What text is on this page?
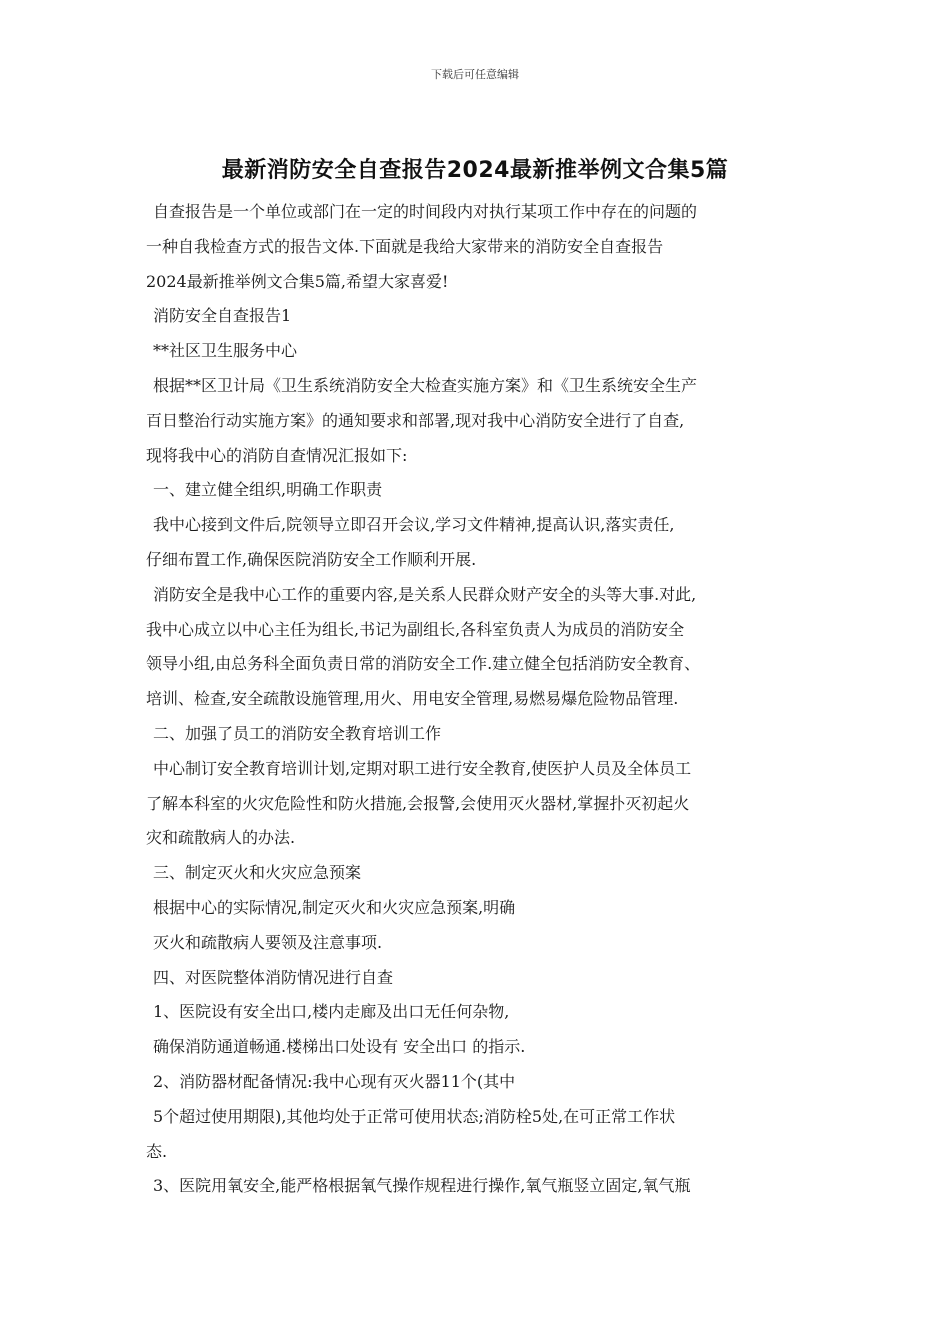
下载后可任意编辑
最新消防安全自查报告2024最新推举例文合集5篇
自查报告是一个单位或部门在一定的时间段内对执行某项工作中存在的问题的
一种自我检查方式的报告文体.下面就是我给大家带来的消防安全自查报告
2024最新推举例文合集5篇,希望大家喜爱!
消防安全自查报告1
**社区卫生服务中心
根据**区卫计局《卫生系统消防安全大检查实施方案》和《卫生系统安全生产
百日整治行动实施方案》的通知要求和部署,现对我中心消防安全进行了自查,
现将我中心的消防自查情况汇报如下:
一、建立健全组织,明确工作职责
我中心接到文件后,院领导立即召开会议,学习文件精神,提高认识,落实责任,
仔细布置工作,确保医院消防安全工作顺利开展.
消防安全是我中心工作的重要内容,是关系人民群众财产安全的头等大事.对此,
我中心成立以中心主任为组长,书记为副组长,各科室负责人为成员的消防安全
领导小组,由总务科全面负责日常的消防安全工作.建立健全包括消防安全教育、
培训、检查,安全疏散设施管理,用火、用电安全管理,易燃易爆危险物品管理.
二、加强了员工的消防安全教育培训工作
中心制订安全教育培训计划,定期对职工进行安全教育,使医护人员及全体员工
了解本科室的火灾危险性和防火措施,会报警,会使用灭火器材,掌握扑灭初起火
灾和疏散病人的办法.
三、制定灭火和火灾应急预案
根据中心的实际情况,制定灭火和火灾应急预案,明确
灭火和疏散病人要领及注意事项.
四、对医院整体消防情况进行自查
1、医院设有安全出口,楼内走廊及出口无任何杂物,
确保消防通道畅通.楼梯出口处设有 安全出口 的指示.
2、消防器材配备情况:我中心现有灭火器11个(其中
5个超过使用期限),其他均处于正常可使用状态;消防栓5处,在可正常工作状
态.
3、医院用氧安全,能严格根据氧气操作规程进行操作,氧气瓶竖立固定,氧气瓶
